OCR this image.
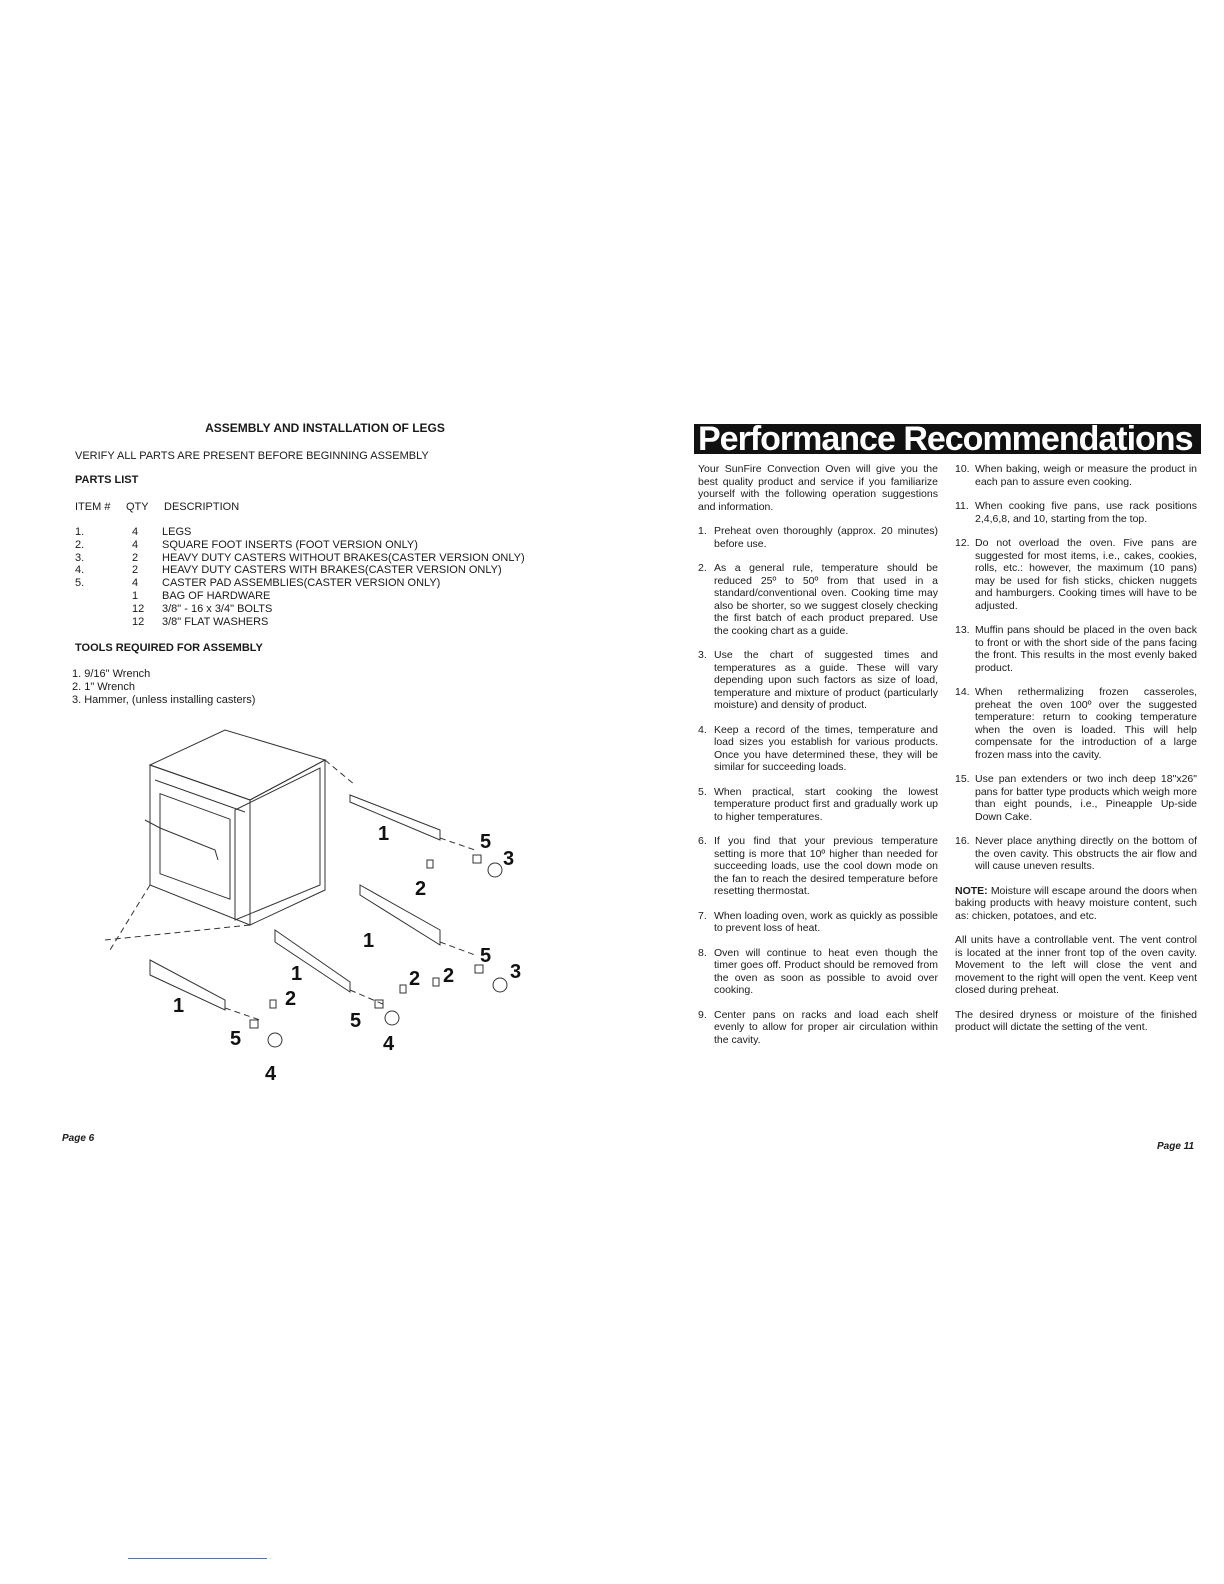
ASSEMBLY AND INSTALLATION OF LEGS
VERIFY ALL PARTS ARE PRESENT BEFORE BEGINNING ASSEMBLY
PARTS LIST
ITEM # QTY DESCRIPTION
1.	4 LEGS
2.	4 SQUARE FOOT INSERTS (FOOT VERSION ONLY)
3.	2 HEAVY DUTY CASTERS WITHOUT BRAKES(CASTER VERSION ONLY)
4.	2 HEAVY DUTY CASTERS WITH BRAKES(CASTER VERSION ONLY)
5.	4 CASTER PAD ASSEMBLIES(CASTER VERSION ONLY)
1 BAG OF HARDWARE
12 3/8" - 16 x 3/4" BOLTS
12 3/8" FLAT WASHERS
TOOLS REQUIRED FOR ASSEMBLY
1. 9/16" Wrench
2. 1" Wrench
3. Hammer, (unless installing casters)
1	5
3
2
1
5
3
2 2
1
2
1
5
5	4
4
Page 6
Performance Recommendations
Your SunFire Convection Oven will give you the best quality product and service if you familiarize yourself with the following operation suggestions and information.
1. Preheat oven thoroughly (approx. 20 minutes) before use.
2. As a general rule, temperature should be reduced 25º to 50º from that used in a standard/conventional oven. Cooking time may also be shorter, so we suggest closely checking the first batch of each product prepared. Use the cooking chart as a guide.
3. Use the chart of suggested times and temperatures as a guide. These will vary depending upon such factors as size of load, temperature and mixture of product (particularly moisture) and density of product.
4. Keep a record of the times, temperature and load sizes you establish for various products. Once you have determined these, they will be similar for succeeding loads.
5. When practical, start cooking the lowest temperature product first and gradually work up to higher temperatures.
6. If you find that your previous temperature setting is more that 10º higher than needed for succeeding loads, use the cool down mode on the fan to reach the desired temperature before resetting thermostat.
7. When loading oven, work as quickly as possible to prevent loss of heat.
8. Oven will continue to heat even though the timer goes off. Product should be removed from the oven as soon as possible to avoid over cooking.
9. Center pans on racks and load each shelf evenly to allow for proper air circulation within the cavity.
10. When baking, weigh or measure the product in each pan to assure even cooking.
11. When cooking five pans, use rack positions 2,4,6,8, and 10, starting from the top.
12. Do not overload the oven. Five pans are suggested for most items, i.e., cakes, cookies, rolls, etc.: however, the maximum (10 pans) may be used for fish sticks, chicken nuggets and hamburgers. Cooking times will have to be adjusted.
13. Muffin pans should be placed in the oven back to front or with the short side of the pans facing the front. This results in the most evenly baked product.
14. When rethermalizing frozen casseroles, preheat the oven 100º over the suggested temperature: return to cooking temperature when the oven is loaded. This will help compensate for the introduction of a large frozen mass into the cavity.
15. Use pan extenders or two inch deep 18"x26" pans for batter type products which weigh more than eight pounds, i.e., Pineapple Up-side Down Cake.
16. Never place anything directly on the bottom of the oven cavity. This obstructs the air flow and will cause uneven results.
NOTE: Moisture will escape around the doors when baking products with heavy moisture content, such as: chicken, potatoes, and etc.
All units have a controllable vent. The vent control is located at the inner front top of the oven cavity. Movement to the left will close the vent and movement to the right will open the vent. Keep vent closed during preheat.
The desired dryness or moisture of the finished product will dictate the setting of the vent.
Page 11
